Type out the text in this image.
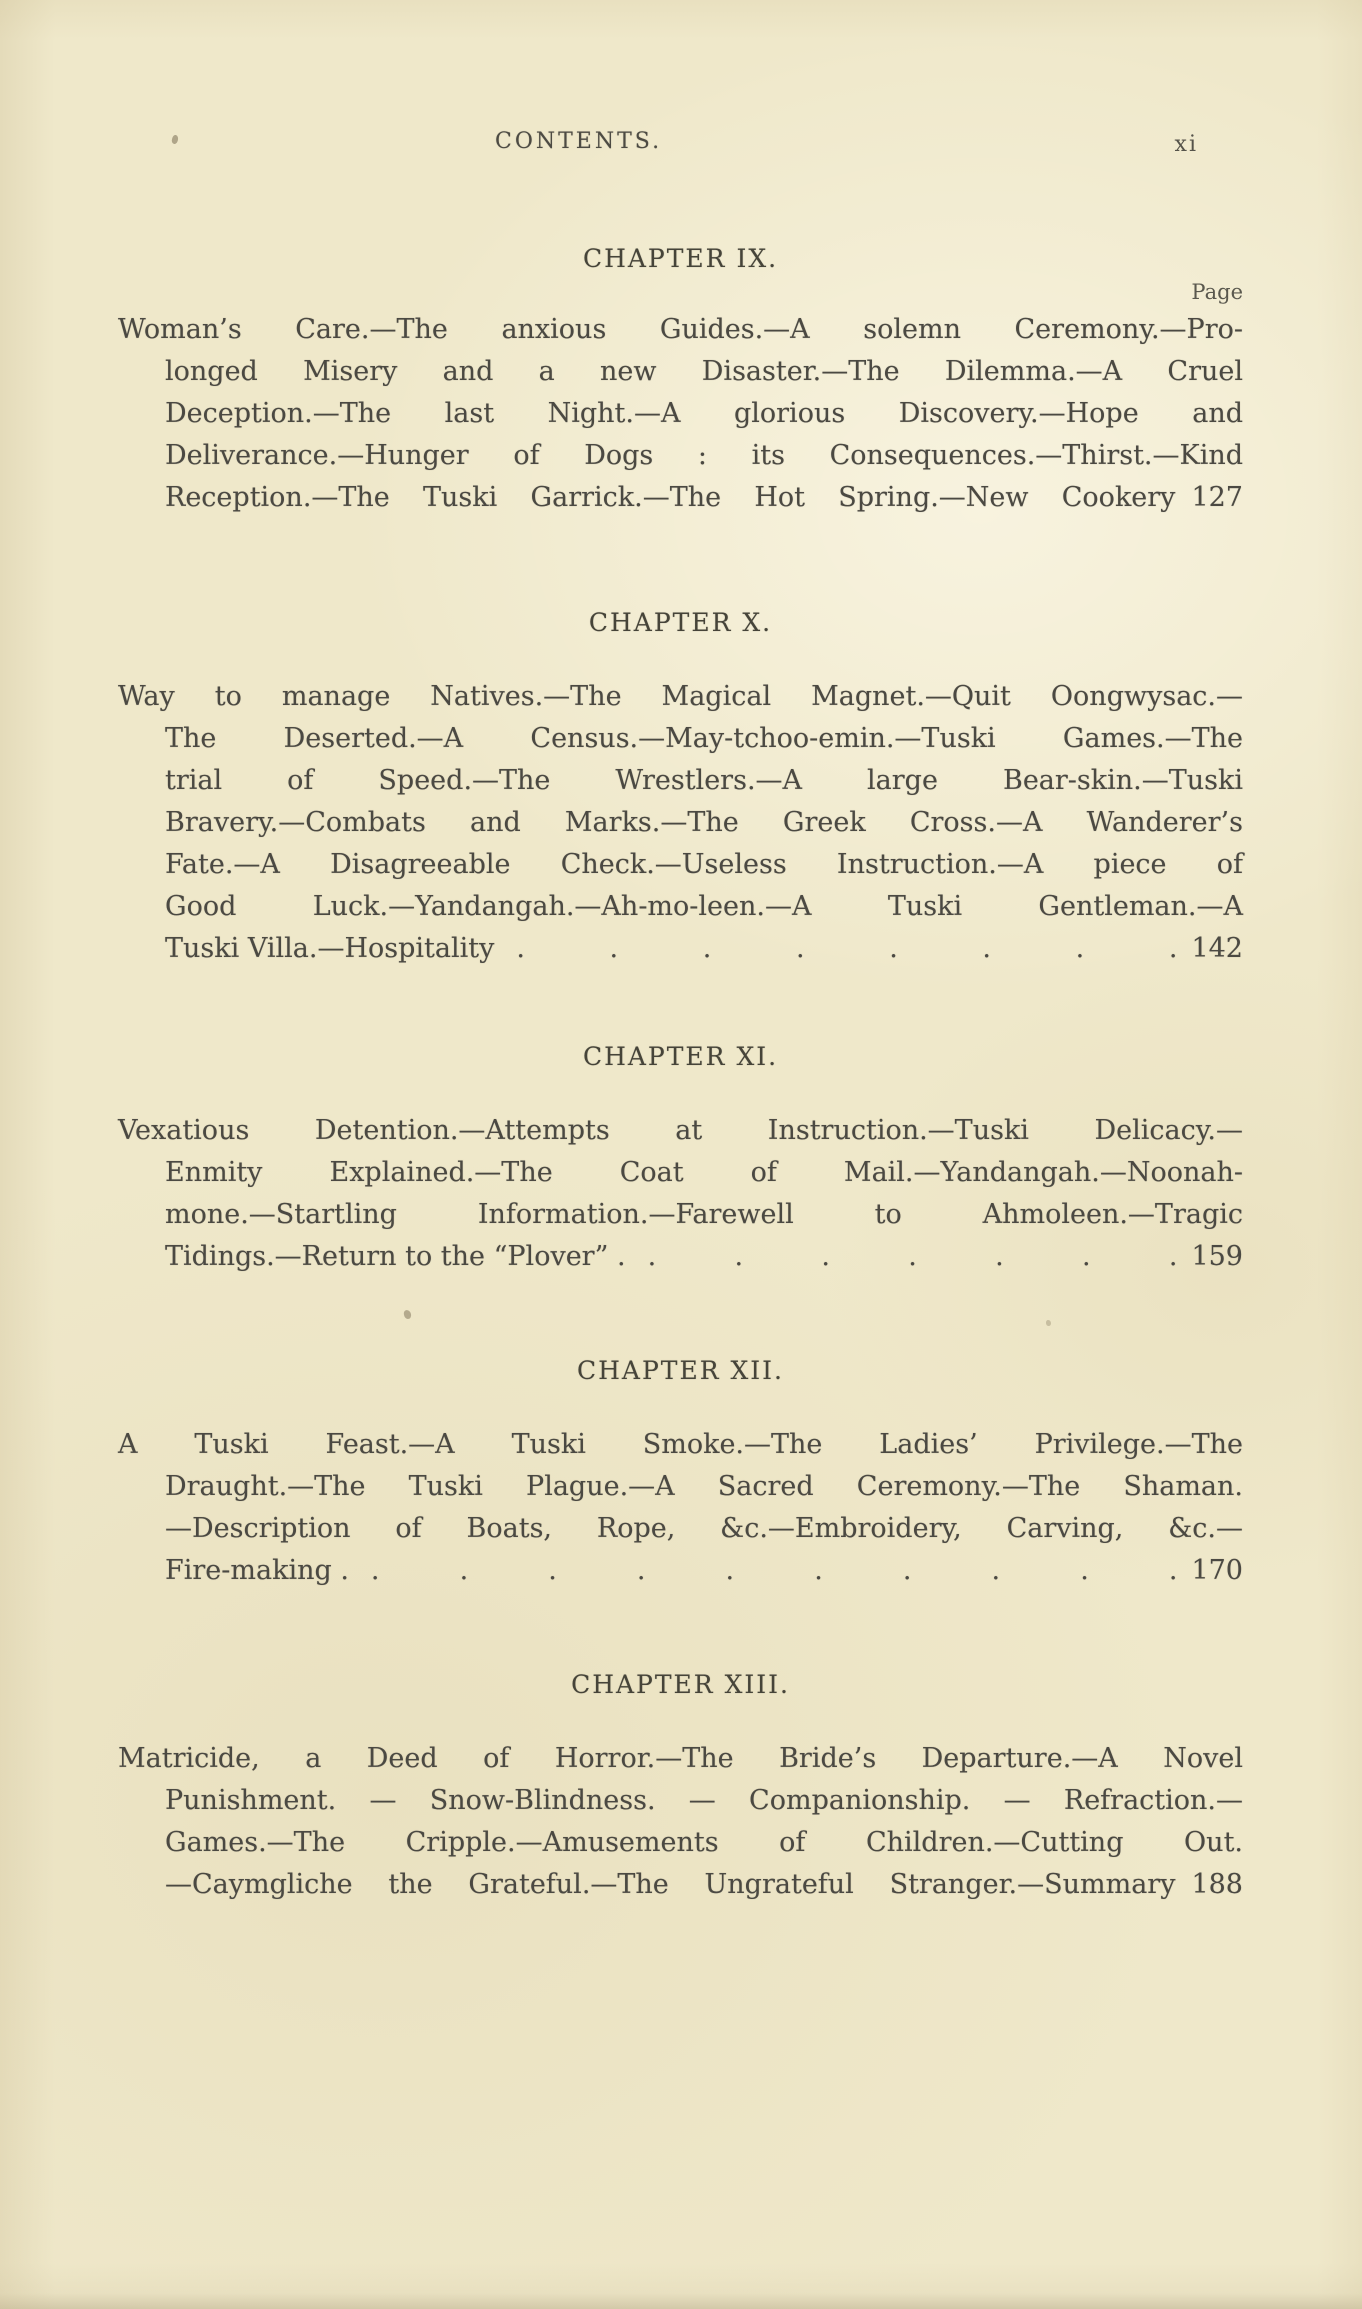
CONTENTS.	xi
CHAPTER IX.
Page

Woman’s Care.—The anxious Guides.—A solemn Ceremony.—Pro-

longed Misery and a new Disaster.—The Dilemma.—A Cruel

Deception.—The last Night.—A glorious Discovery.—Hope and

Deliverance.—Hunger of Dogs : its Consequences.—Thirst.—Kind

Reception.—The Tuski Garrick.—The Hot Spring.—New Cookery 127

CHAPTER X.

Way to manage Natives.—The Magical Magnet.—Quit Oongwysac.—

The Deserted.—A Census.—May-tchoo-emin.—Tuski Games.—The

trial of Speed.—The Wrestlers.—A large Bear-skin.—Tuski

Bravery.—Combats and Marks.—The Greek Cross.—A Wanderer’s

Fate.—A Disagreeable Check.—Useless Instruction.—A piece of

Good Luck.—Yandangah.—Ah-mo-leen.—A Tuski Gentleman.—A

Tuski Villa.—Hospitality . . . . . . . . 142

CHAPTER XI.

Vexatious Detention.—Attempts at Instruction.—Tuski Delicacy.—

Enmity Explained.—The Coat of Mail.—Yandangah.—Noonah-

mone.—Startling Information.—Farewell to Ahmoleen.—Tragic

Tidings.—Return to the “Plover” . . . . . . . . 159

CHAPTER XII.

A Tuski Feast.—A Tuski Smoke.—The Ladies’ Privilege.—The

Draught.—The Tuski Plague.—A Sacred Ceremony.—The Shaman.

—Description of Boats, Rope, &c.—Embroidery, Carving, &c.—

Fire-making . . . . . . . . . . . 170

CHAPTER XIII.

Matricide, a Deed of Horror.—The Bride’s Departure.—A Novel

Punishment. — Snow-Blindness. — Companionship. — Refraction.—

Games.—The Cripple.—Amusements of Children.—Cutting Out.

—Caymgliche the Grateful.—The Ungrateful Stranger.—Summary 188
